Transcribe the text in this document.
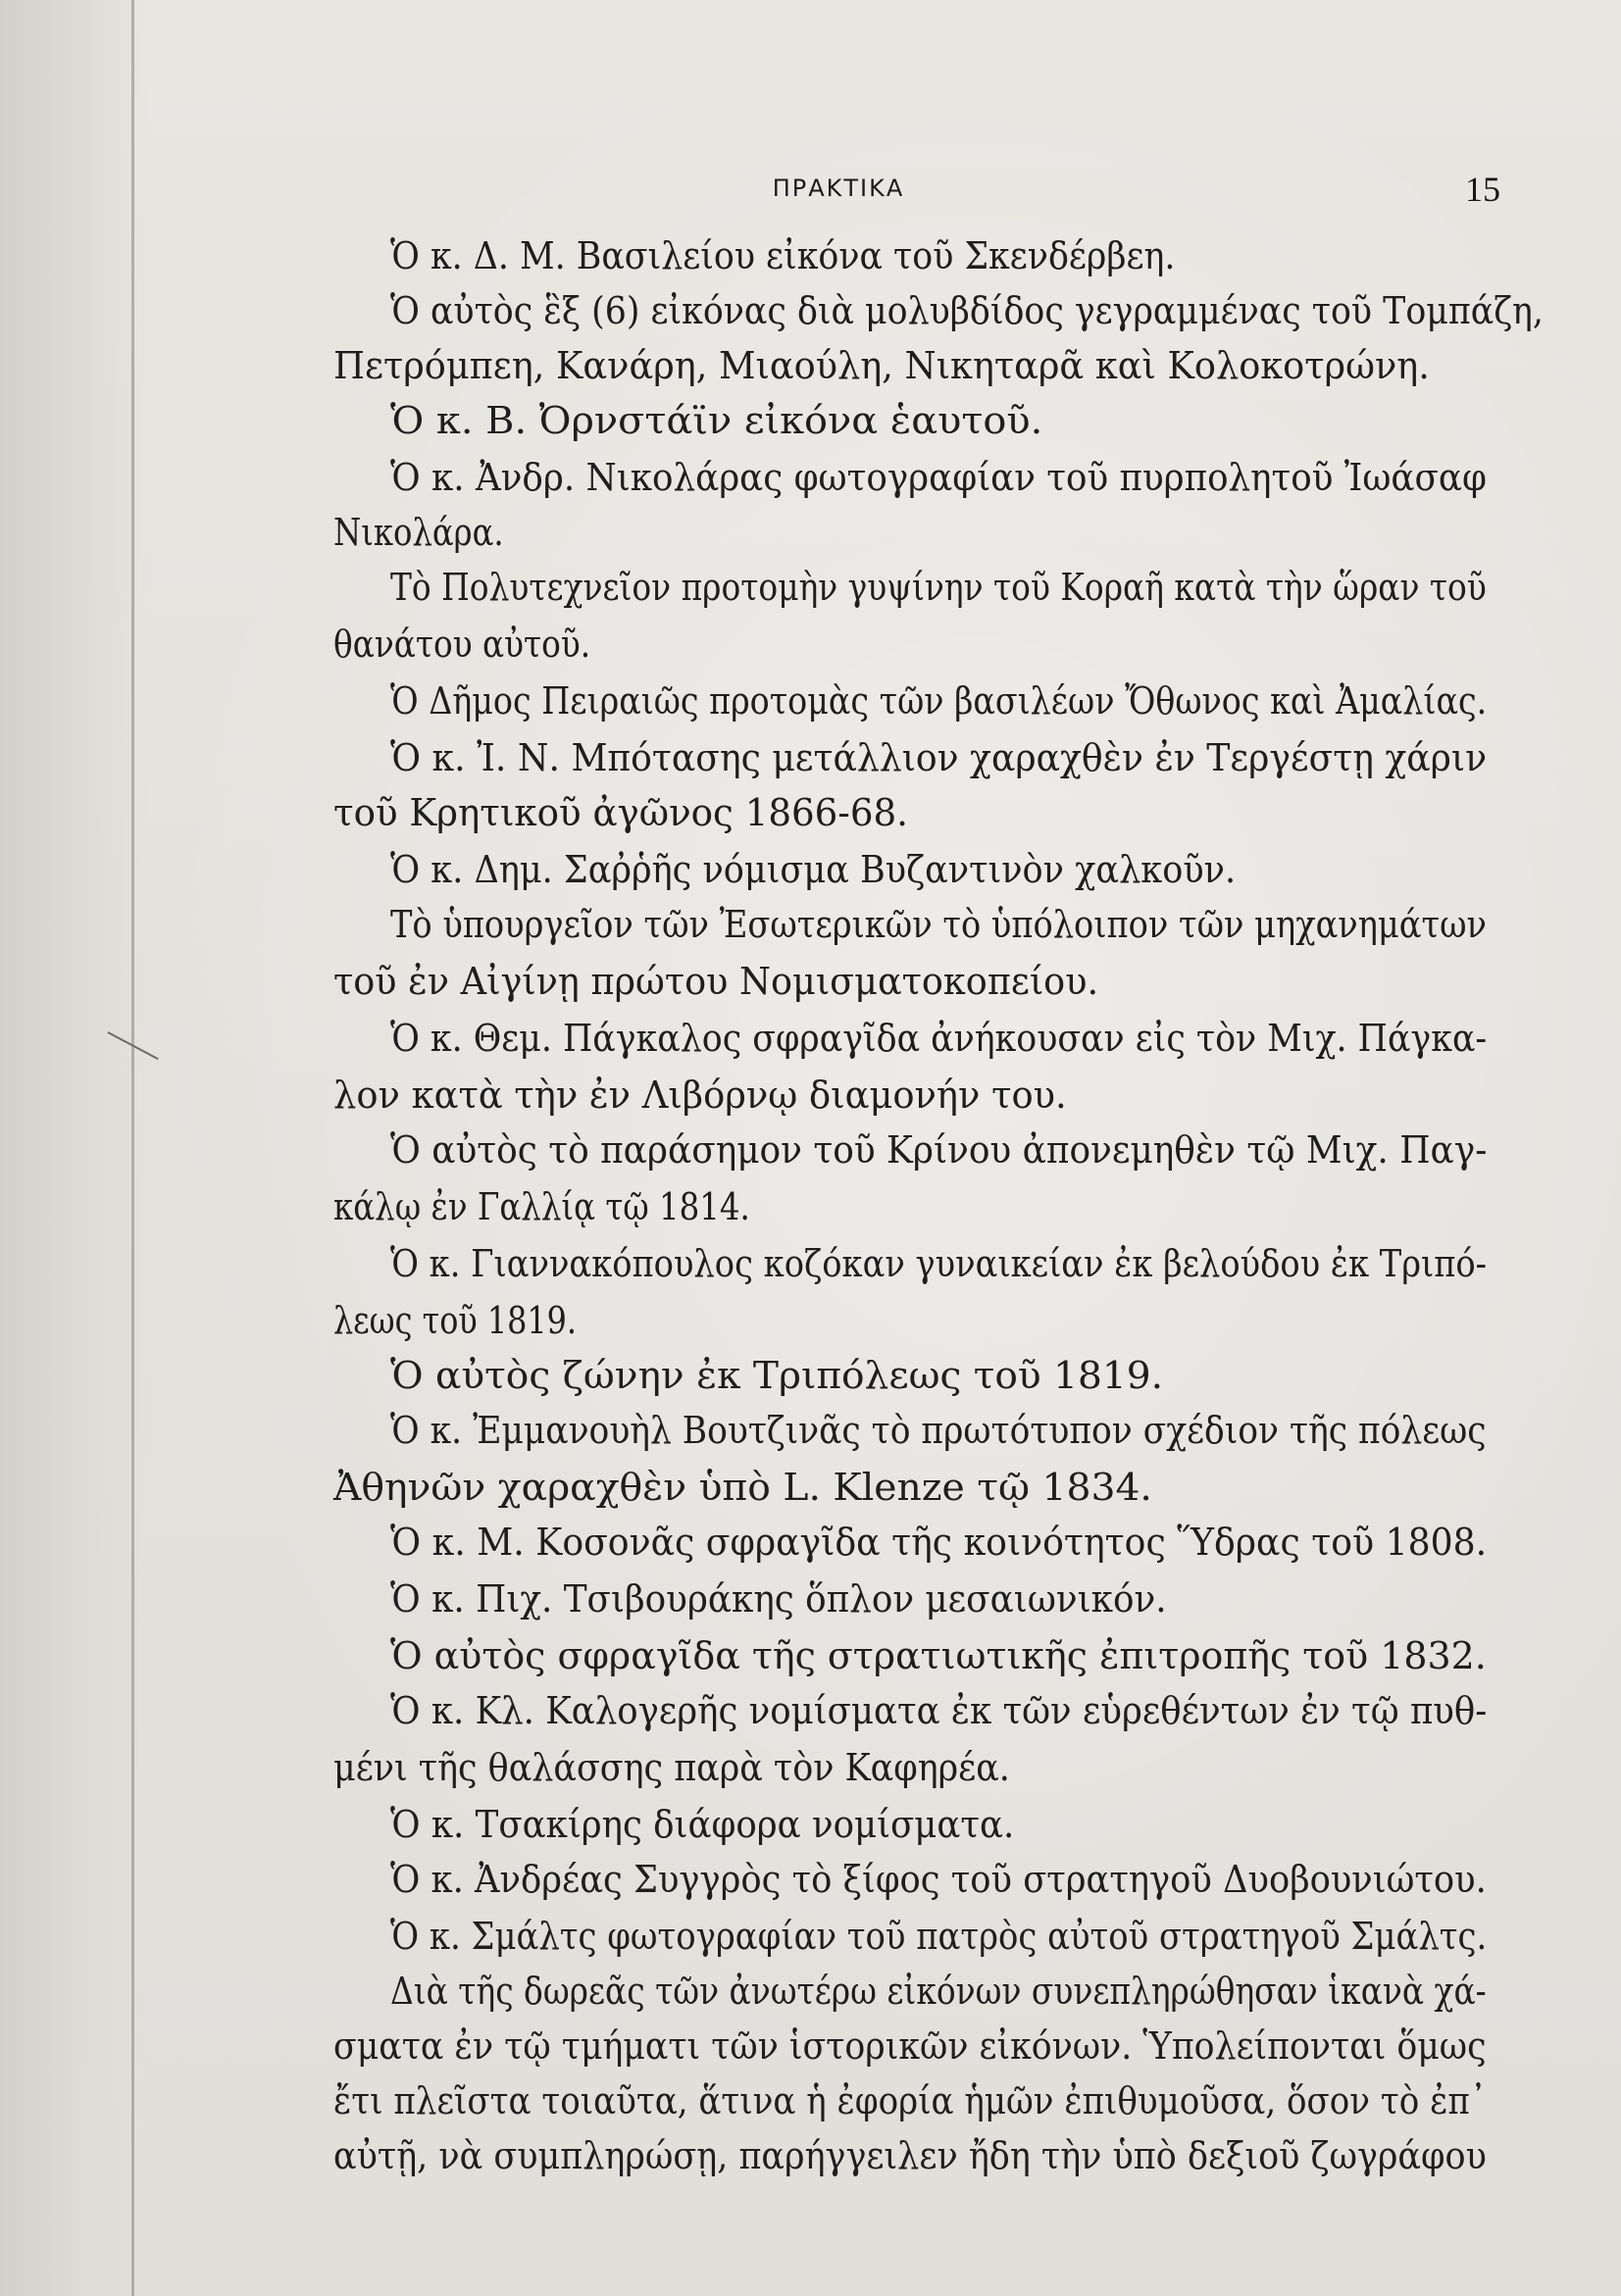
ΠΡΑΚΤΙΚΑ	15
Ὁ κ. Δ. Μ. Βασιλείου εἰκόνα τοῦ Σκενδέρβεη.
Ὁ αὐτὸς ἓξ (6) εἰκόνας διὰ μολυβδίδος γεγραμμένας τοῦ Τομπάζη,
Πετρόμπεη, Κανάρη, Μιαούλη, Νικηταρᾶ καὶ Κολοκοτρώνη.
Ὁ κ. Β. Ὀρνστάϊν εἰκόνα ἑαυτοῦ.
Ὁ κ. Ἀνδρ. Νικολάρας φωτογραφίαν τοῦ πυρπολητοῦ Ἰωάσαφ
Νικολάρα.
Τὸ Πολυτεχνεῖον προτομὴν γυψίνην τοῦ Κοραῆ κατὰ τὴν ὥραν τοῦ
θανάτου αὐτοῦ.
Ὁ Δῆμος Πειραιῶς προτομὰς τῶν βασιλέων Ὄθωνος καὶ Ἀμαλίας.
Ὁ κ. Ἰ. Ν. Μπότασης μετάλλιον χαραχθὲν ἐν Τεργέστῃ χάριν
τοῦ Κρητικοῦ ἀγῶνος 1866-68.
Ὁ κ. Δημ. Σαῤῥῆς νόμισμα Βυζαντινὸν χαλκοῦν.
Τὸ ὑπουργεῖον τῶν Ἐσωτερικῶν τὸ ὑπόλοιπον τῶν μηχανημάτων
τοῦ ἐν Αἰγίνῃ πρώτου Νομισματοκοπείου.
Ὁ κ. Θεμ. Πάγκαλος σφραγῖδα ἀνήκουσαν εἰς τὸν Μιχ. Πάγκα-
λον κατὰ τὴν ἐν Λιβόρνῳ διαμονήν του.
Ὁ αὐτὸς τὸ παράσημον τοῦ Κρίνου ἀπονεμηθὲν τῷ Μιχ. Παγ-
κάλῳ ἐν Γαλλίᾳ τῷ 1814.
Ὁ κ. Γιαννακόπουλος κοζόκαν γυναικείαν ἐκ βελούδου ἐκ Τριπό-
λεως τοῦ 1819.
Ὁ αὐτὸς ζώνην ἐκ Τριπόλεως τοῦ 1819.
Ὁ κ. Ἐμμανουὴλ Βουτζινᾶς τὸ πρωτότυπον σχέδιον τῆς πόλεως
Ἀθηνῶν χαραχθὲν ὑπὸ L. Klenze τῷ 1834.
Ὁ κ. Μ. Κοσονᾶς σφραγῖδα τῆς κοινότητος Ὕδρας τοῦ 1808.
Ὁ κ. Πιχ. Τσιβουράκης ὅπλον μεσαιωνικόν.
Ὁ αὐτὸς σφραγῖδα τῆς στρατιωτικῆς ἐπιτροπῆς τοῦ 1832.
Ὁ κ. Κλ. Καλογερῆς νομίσματα ἐκ τῶν εὑρεθέντων ἐν τῷ πυθ-
μένι τῆς θαλάσσης παρὰ τὸν Καφηρέα.
Ὁ κ. Τσακίρης διάφορα νομίσματα.
Ὁ κ. Ἀνδρέας Συγγρὸς τὸ ξίφος τοῦ στρατηγοῦ Δυοβουνιώτου.
Ὁ κ. Σμάλτς φωτογραφίαν τοῦ πατρὸς αὐτοῦ στρατηγοῦ Σμάλτς.
Διὰ τῆς δωρεᾶς τῶν ἀνωτέρω εἰκόνων συνεπληρώθησαν ἱκανὰ χά-
σματα ἐν τῷ τμήματι τῶν ἱστορικῶν εἰκόνων. Ὑπολείπονται ὅμως
ἔτι πλεῖστα τοιαῦτα, ἅτινα ἡ ἐφορία ἡμῶν ἐπιθυμοῦσα, ὅσον τὸ ἐπ᾽
αὐτῇ, νὰ συμπληρώσῃ, παρήγγειλεν ἤδη τὴν ὑπὸ δεξιοῦ ζωγράφου
